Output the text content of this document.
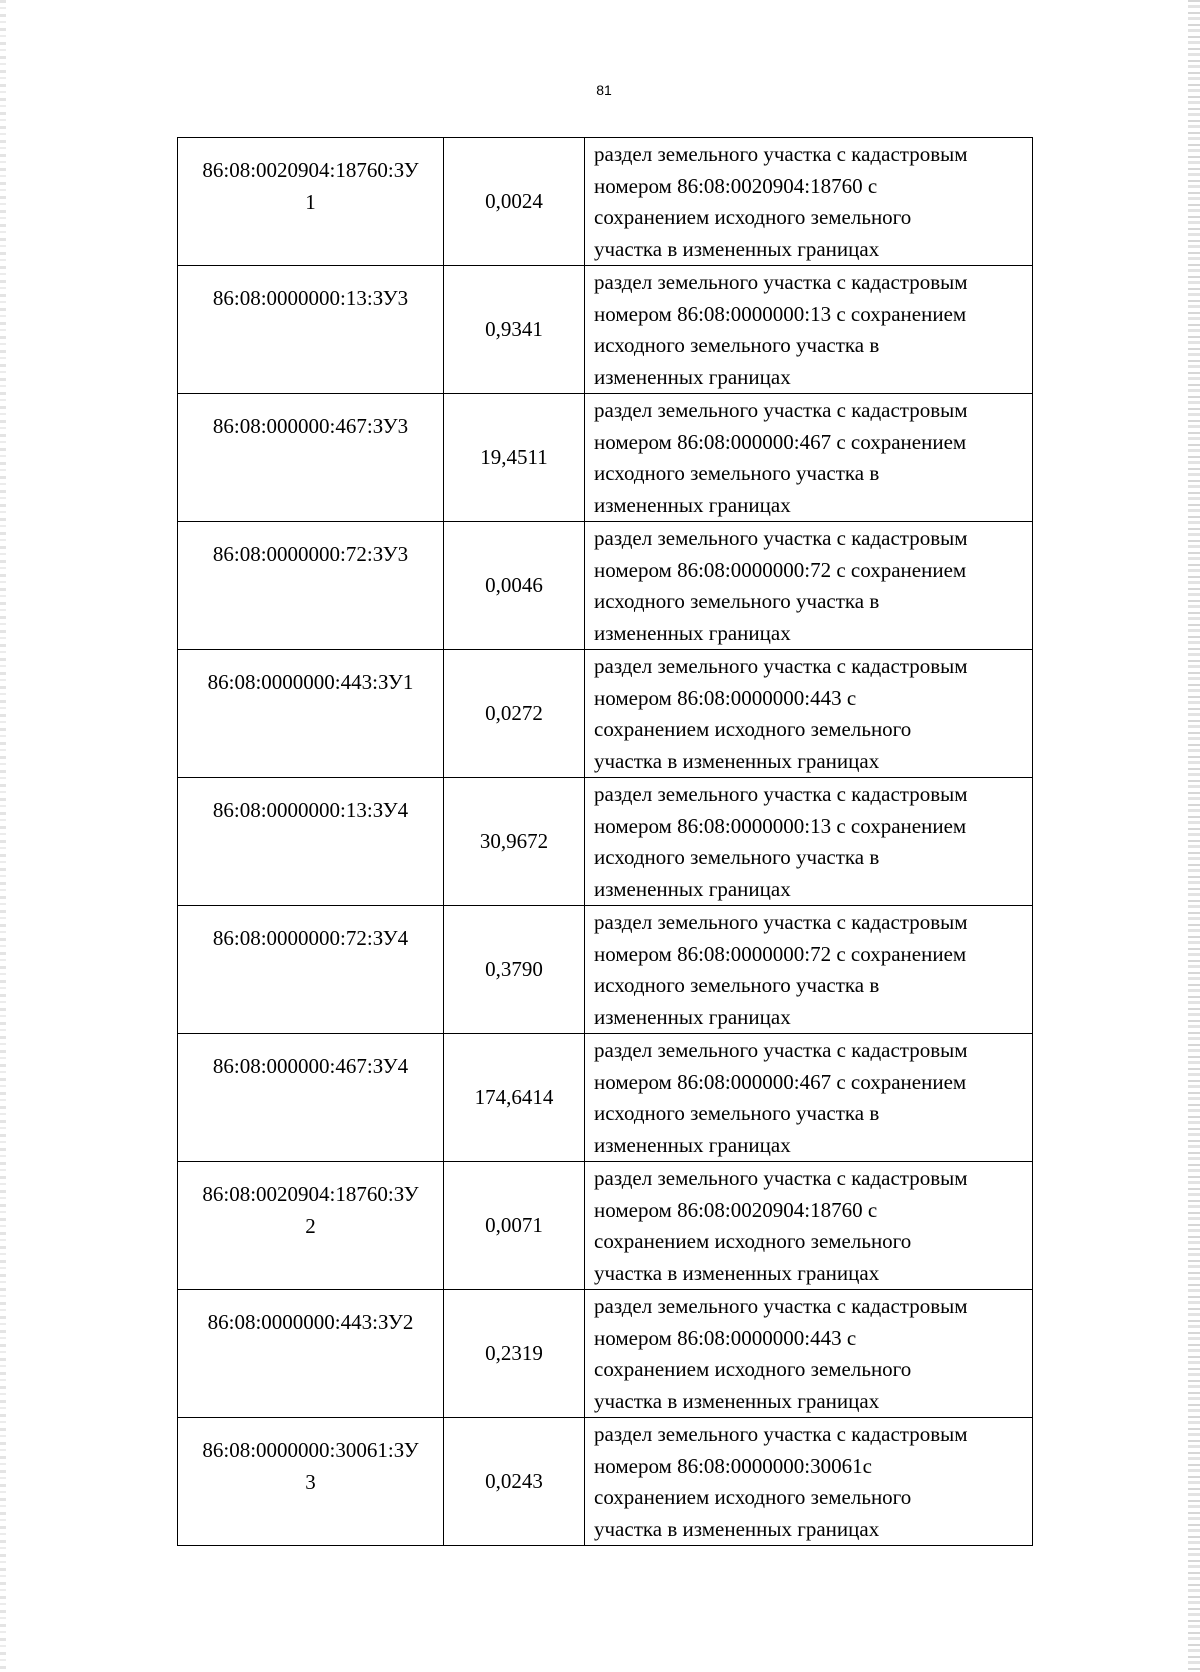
81
86:08:0020904:18760:ЗУ
1	0,0024	раздел земельного участка с кадастровым
номером 86:08:0020904:18760 с
сохранением исходного земельного
участка в измененных границах

86:08:0000000:13:ЗУ3	0,9341	раздел земельного участка с кадастровым
номером 86:08:0000000:13 с сохранением
исходного земельного участка в
измененных границах

86:08:000000:467:ЗУ3	19,4511	раздел земельного участка с кадастровым
номером 86:08:000000:467 с сохранением
исходного земельного участка в
измененных границах

86:08:0000000:72:ЗУ3	0,0046	раздел земельного участка с кадастровым
номером 86:08:0000000:72 с сохранением
исходного земельного участка в
измененных границах

86:08:0000000:443:ЗУ1	0,0272	раздел земельного участка с кадастровым
номером 86:08:0000000:443 с
сохранением исходного земельного
участка в измененных границах

86:08:0000000:13:ЗУ4	30,9672	раздел земельного участка с кадастровым
номером 86:08:0000000:13 с сохранением
исходного земельного участка в
измененных границах

86:08:0000000:72:ЗУ4	0,3790	раздел земельного участка с кадастровым
номером 86:08:0000000:72 с сохранением
исходного земельного участка в
измененных границах

86:08:000000:467:ЗУ4	174,6414	раздел земельного участка с кадастровым
номером 86:08:000000:467 с сохранением
исходного земельного участка в
измененных границах

86:08:0020904:18760:ЗУ
2	0,0071	раздел земельного участка с кадастровым
номером 86:08:0020904:18760 с
сохранением исходного земельного
участка в измененных границах

86:08:0000000:443:ЗУ2	0,2319	раздел земельного участка с кадастровым
номером 86:08:0000000:443 с
сохранением исходного земельного
участка в измененных границах

86:08:0000000:30061:ЗУ
3	0,0243	раздел земельного участка с кадастровым
номером 86:08:0000000:30061с
сохранением исходного земельного
участка в измененных границах
